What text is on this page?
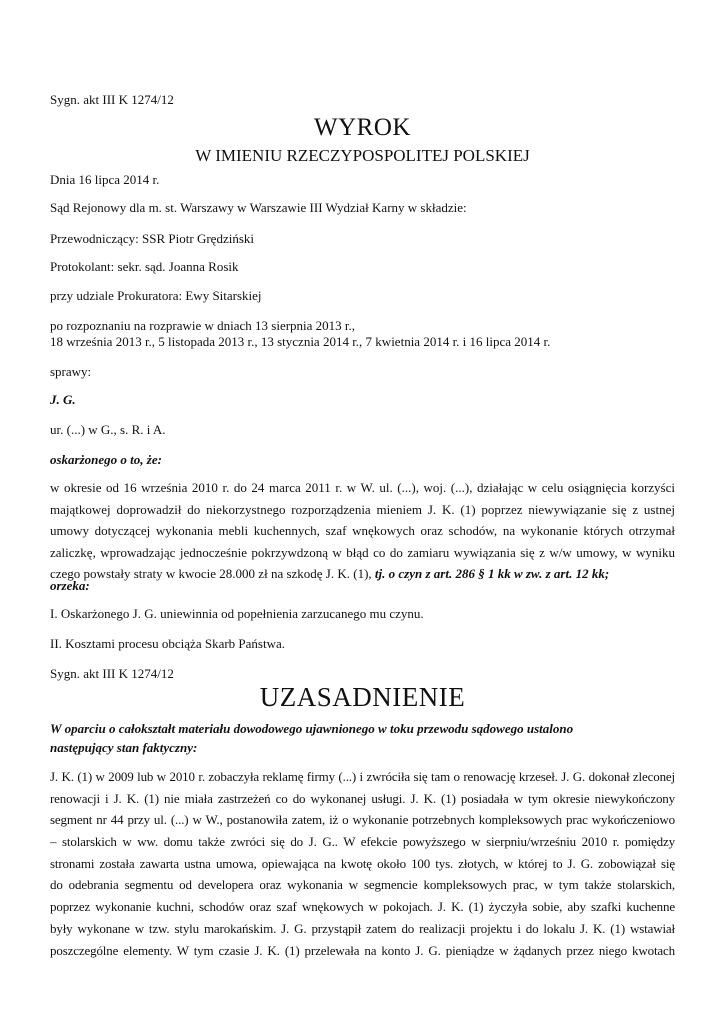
Sygn. akt III K 1274/12

WYROK
W IMIENIU RZECZYPOSPOLITEJ POLSKIEJ

Dnia 16 lipca 2014 r.

Sąd Rejonowy dla m. st. Warszawy w Warszawie III Wydział Karny w składzie:

Przewodniczący: SSR Piotr Grędziński

Protokolant: sekr. sąd. Joanna Rosik

przy udziale Prokuratora: Ewy Sitarskiej

po rozpoznaniu na rozprawie w dniach 13 sierpnia 2013 r.,

18 września 2013 r., 5 listopada 2013 r., 13 stycznia 2014 r., 7 kwietnia 2014 r. i 16 lipca 2014 r.

sprawy:

J. G.

ur. (...) w G., s. R. i A.

oskarżonego o to, że:

w okresie od 16 września 2010 r. do 24 marca 2011 r. w W. ul. (...), woj. (...), działając w celu osiągnięcia korzyści
majątkowej doprowadził do niekorzystnego rozporządzenia mieniem J. K. (1) poprzez niewywiązanie się z ustnej
umowy dotyczącej wykonania mebli kuchennych, szaf wnękowych oraz schodów, na wykonanie których otrzymał
zaliczkę, wprowadzając jednocześnie pokrzywdzoną w błąd co do zamiaru wywiązania się z w/w umowy, w wyniku
czego powstały straty w kwocie 28.000 zł na szkodę J. K. (1), tj. o czyn z art. 286 § 1 kk w zw. z art. 12 kk;

orzeka:

I. Oskarżonego J. G. uniewinnia od popełnienia zarzucanego mu czynu.

II. Kosztami procesu obciąża Skarb Państwa.

Sygn. akt III K 1274/12

UZASADNIENIE
W oparciu o całokształt materiału dowodowego ujawnionego w toku przewodu sądowego ustalono
następujący stan faktyczny:
J. K. (1) w 2009 lub w 2010 r. zobaczyła reklamę firmy (...) i zwróciła się tam o renowację krzeseł. J. G. dokonał zleconej
renowacji i J. K. (1) nie miała zastrzeżeń co do wykonanej usługi. J. K. (1) posiadała w tym okresie niewykończony
segment nr 44 przy ul. (...) w W., postanowiła zatem, iż o wykonanie potrzebnych kompleksowych prac wykończeniowo
– stolarskich w ww. domu także zwróci się do J. G.. W efekcie powyższego w sierpniu/wrześniu 2010 r. pomiędzy
stronami została zawarta ustna umowa, opiewająca na kwotę około 100 tys. złotych, w której to J. G. zobowiązał się
do odebrania segmentu od developera oraz wykonania w segmencie kompleksowych prac, w tym także stolarskich,
poprzez wykonanie kuchni, schodów oraz szaf wnękowych w pokojach. J. K. (1) życzyła sobie, aby szafki kuchenne
były wykonane w tzw. stylu marokańskim. J. G. przystąpił zatem do realizacji projektu i do lokalu J. K. (1) wstawiał
poszczególne elementy. W tym czasie J. K. (1) przelewała na konto J. G. pieniądze w żądanych przez niego kwotach
